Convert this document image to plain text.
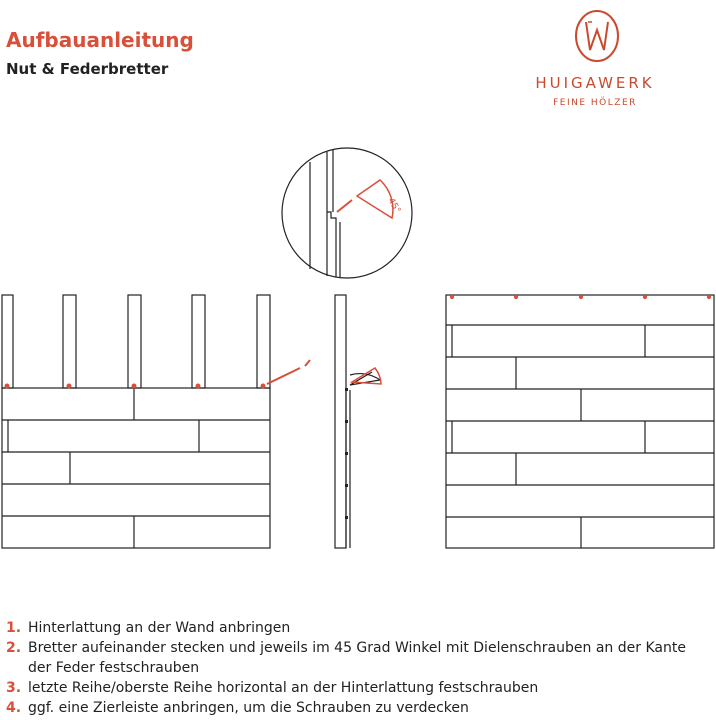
Aufbauanleitung
Nut & Federbretter
HUIGAWERK
FEINE HÖLZER
45°
1. Hinterlattung an der Wand anbringen
2. Bretter aufeinander stecken und jeweils im 45 Grad Winkel mit Dielenschrauben an der Kante der Feder festschrauben
3. letzte Reihe/oberste Reihe horizontal an der Hinterlattung festschrauben
4. ggf. eine Zierleiste anbringen, um die Schrauben zu verdecken
